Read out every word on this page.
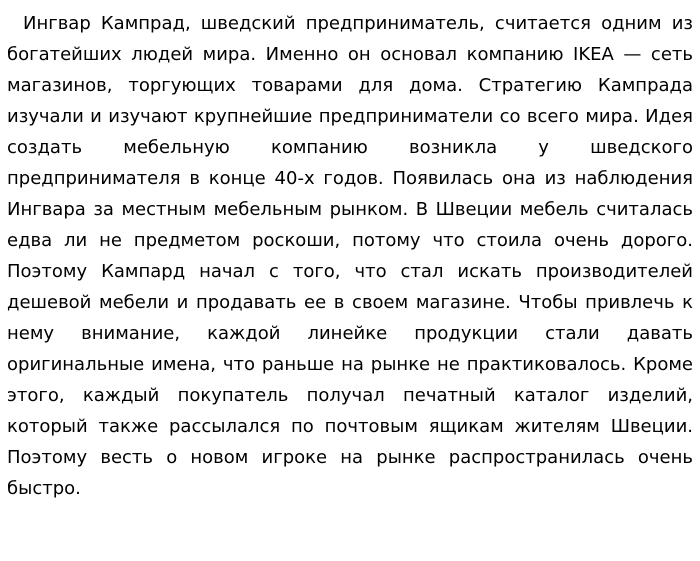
Ингвар Кампрад, шведский предприниматель, считается одним из богатейших людей мира. Именно он основал компанию IKEA — сеть магазинов, торгующих товарами для дома. Стратегию Кампрада изучали и изучают крупнейшие предприниматели со всего мира. Идея создать мебельную компанию возникла у шведского предпринимателя в конце 40-х годов. Появилась она из наблюдения Ингвара за местным мебельным рынком. В Швеции мебель считалась едва ли не предметом роскоши, потому что стоила очень дорого. Поэтому Кампард начал с того, что стал искать производителей дешевой мебели и продавать ее в своем магазине. Чтобы привлечь к нему внимание, каждой линейке продукции стали давать оригинальные имена, что раньше на рынке не практиковалось. Кроме этого, каждый покупатель получал печатный каталог изделий, который также рассылался по почтовым ящикам жителям Швеции. Поэтому весть о новом игроке на рынке распространилась очень быстро.
